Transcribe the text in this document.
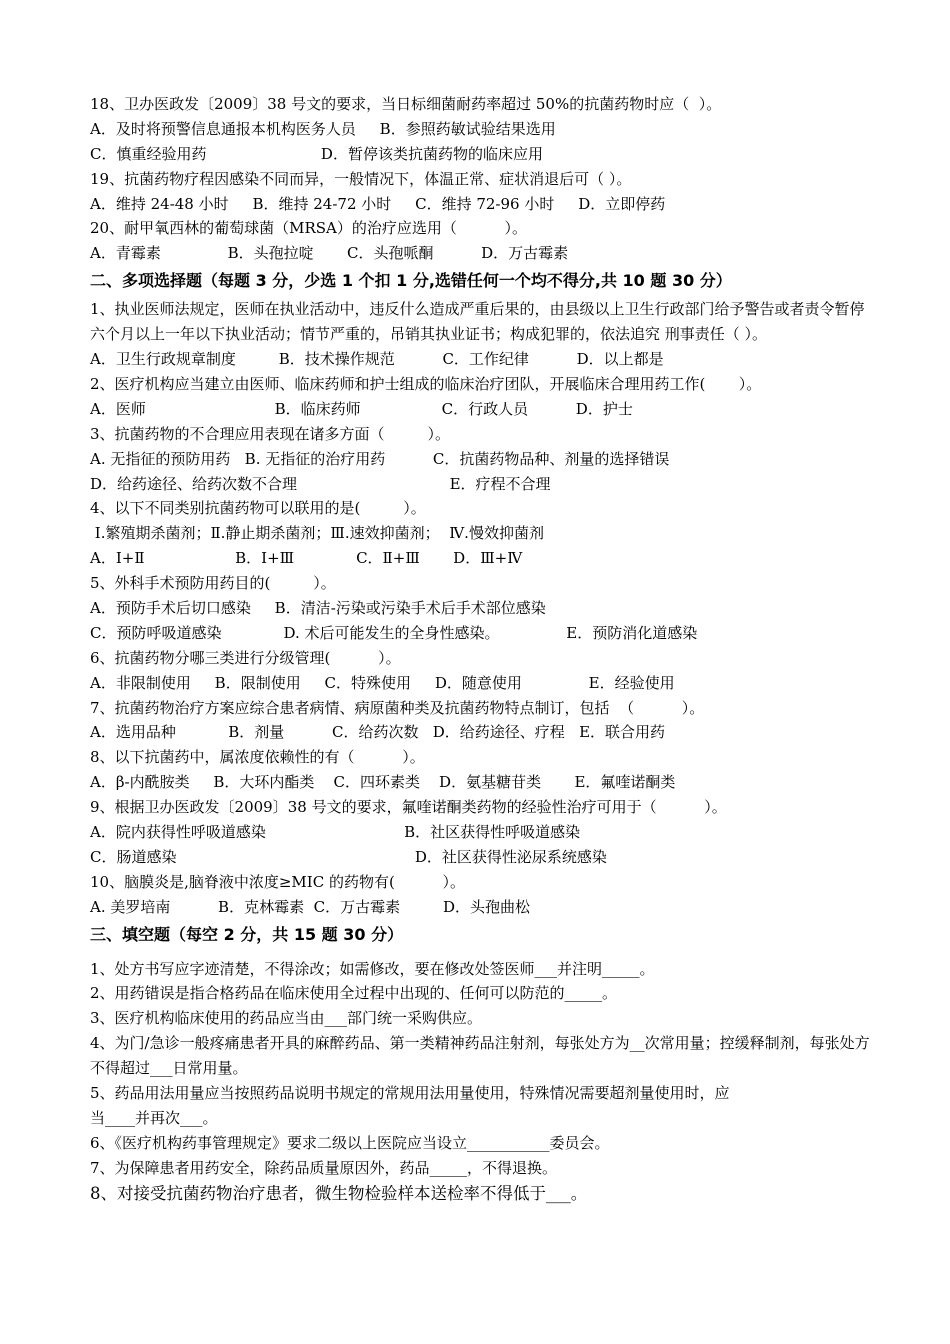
18、卫办医政发〔2009〕38 号文的要求，当日标细菌耐药率超过 50%的抗菌药物时应（  ）。
A．及时将预警信息通报本机构医务人员     B．参照药敏试验结果选用
C．慎重经验用药                        D．暂停该类抗菌药物的临床应用
19、抗菌药物疗程因感染不同而异，一般情况下，体温正常、症状消退后可（ ）。
A．维持 24-48 小时     B．维持 24-72 小时     C．维持 72-96 小时     D．立即停药
20、耐甲氧西林的葡萄球菌（MRSA）的治疗应选用（          ）。
A．青霉素              B．头孢拉啶       C．头孢哌酮          D．万古霉素
二、多项选择题（每题 3 分，少选 1 个扣 1 分,选错任何一个均不得分,共 10 题 30 分）
1、执业医师法规定，医师在执业活动中，违反什么造成严重后果的，由县级以上卫生行政部门给予警告或者责令暂停六个月以上一年以下执业活动；情节严重的，吊销其执业证书；构成犯罪的，依法追究 刑事责任（ ）。
A．卫生行政规章制度         B．技术操作规范          C．工作纪律          D．以上都是
2、医疗机构应当建立由医师、临床药师和护士组成的临床治疗团队，开展临床合理用药工作(       ）。
A．医师                           B．临床药师                 C．行政人员          D．护士
3、抗菌药物的不合理应用表现在诸多方面（         ）。
A. 无指征的预防用药   B. 无指征的治疗用药          C．抗菌药物品种、剂量的选择错误
D．给药途径、给药次数不合理                                E．疗程不合理
4、以下不同类别抗菌药物可以联用的是(         ）。
Ⅰ.繁殖期杀菌剂；Ⅱ.静止期杀菌剂；Ⅲ.速效抑菌剂；  Ⅳ.慢效抑菌剂
A．Ⅰ+Ⅱ                   B．Ⅰ+Ⅲ             C．Ⅱ+Ⅲ       D．Ⅲ+Ⅳ
5、外科手术预防用药目的(         ）。
A．预防手术后切口感染     B．清洁-污染或污染手术后手术部位感染
C．预防呼吸道感染             D. 术后可能发生的全身性感染。              E．预防消化道感染
6、抗菌药物分哪三类进行分级管理(          ）。
A．非限制使用     B．限制使用     C．特殊使用     D．随意使用              E．经验使用
7、抗菌药物治疗方案应综合患者病情、病原菌种类及抗菌药物特点制订，包括  （          ）。
A．选用品种           B．剂量          C．给药次数   D．给药途径、疗程   E．联合用药
8、以下抗菌药中，属浓度依赖性的有（          ）。
A．β-内酰胺类     B．大环内酯类    C．四环素类    D．氨基糖苷类       E．氟喹诺酮类
9、根据卫办医政发〔2009〕38 号文的要求，氟喹诺酮类药物的经验性治疗可用于（          ）。
A．院内获得性呼吸道感染                             B．社区获得性呼吸道感染
C．肠道感染                                                  D．社区获得性泌尿系统感染
10、脑膜炎是,脑脊液中浓度≥MIC 的药物有(          ）。
A. 美罗培南          B．克林霉素  C．万古霉素         D．头孢曲松
三、填空题（每空 2 分，共 15 题 30 分）
1、处方书写应字迹清楚，不得涂改；如需修改，要在修改处签医师___并注明_____。
2、用药错误是指合格药品在临床使用全过程中出现的、任何可以防范的_____。
3、医疗机构临床使用的药品应当由___部门统一采购供应。
4、为门/急诊一般疼痛患者开具的麻醉药品、第一类精神药品注射剂，每张处方为__次常用量；控缓释制剂，每张处方不得超过___日常用量。
5、药品用法用量应当按照药品说明书规定的常规用法用量使用，特殊情况需要超剂量使用时，应
当____并再次___。
6、《医疗机构药事管理规定》要求二级以上医院应当设立___________委员会。
7、为保障患者用药安全，除药品质量原因外，药品_____，不得退换。
8、对接受抗菌药物治疗患者，微生物检验样本送检率不得低于___。
